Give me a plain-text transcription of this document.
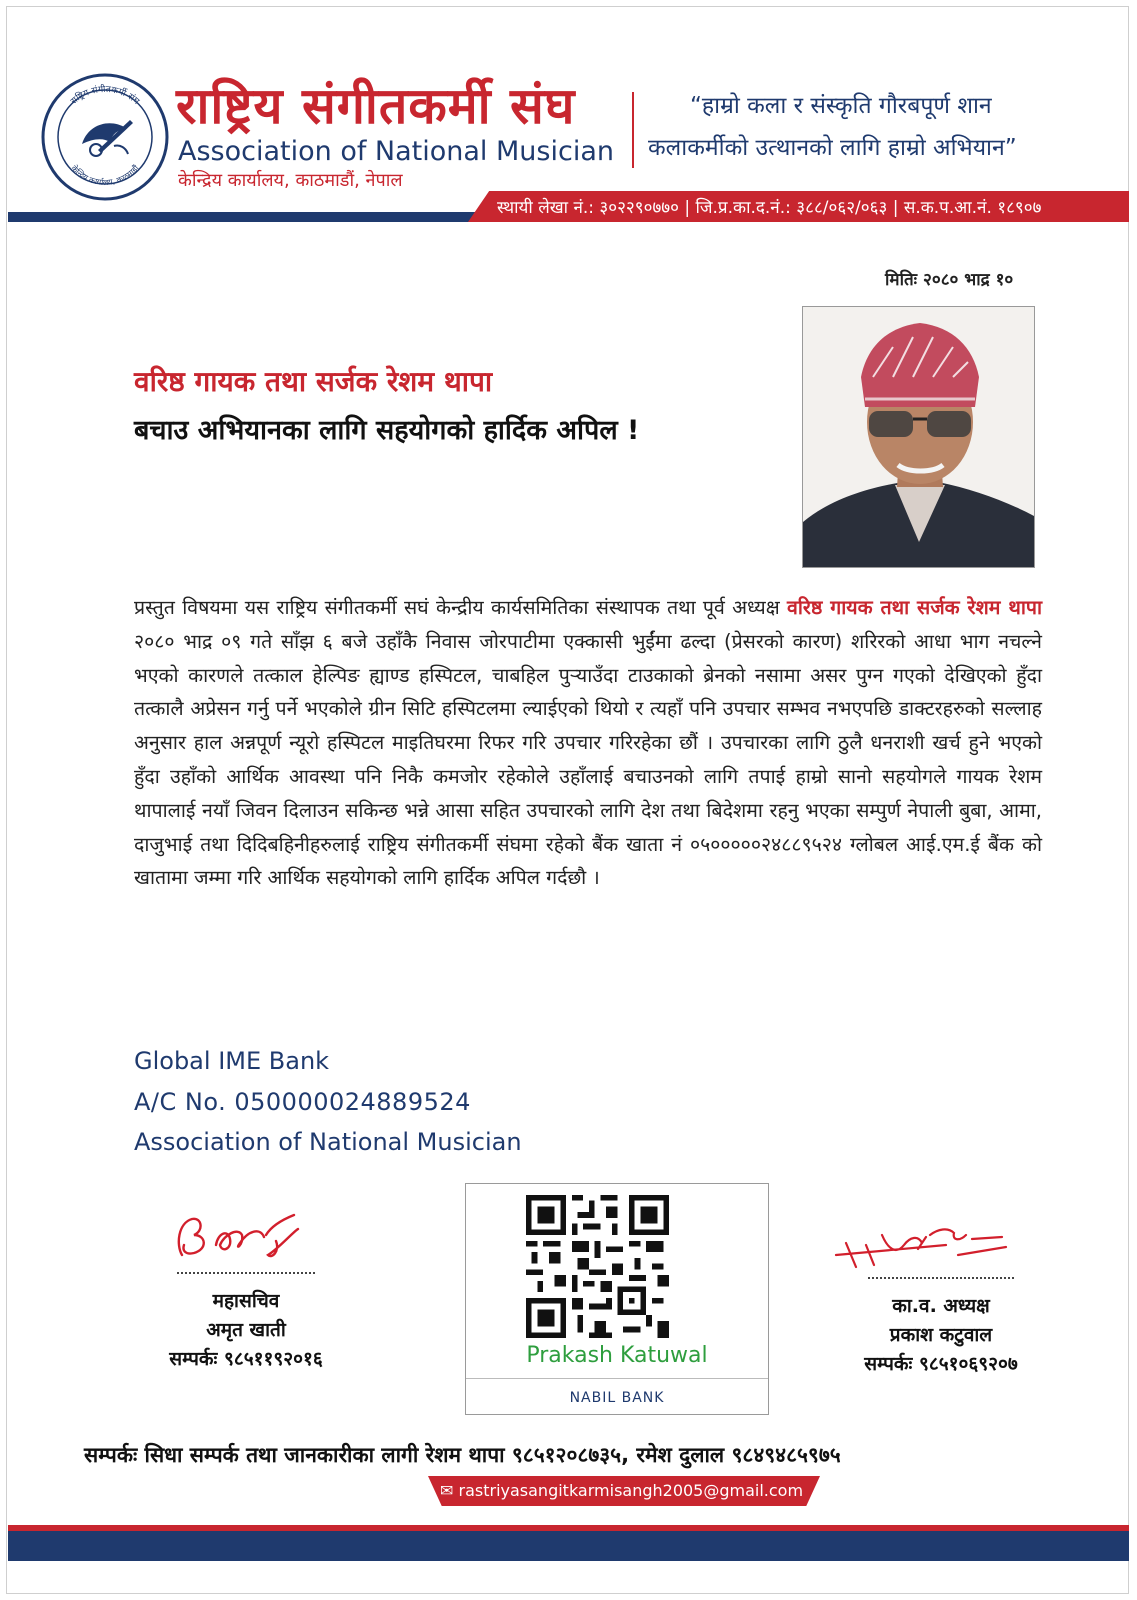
राष्ट्रिय संगीतकर्मी संघ
केन्द्रिय कार्यालय, काठमाडौं
राष्ट्रिय संगीतकर्मी संघ
Association of National Musician
केन्द्रिय कार्यालय, काठमाडौं, नेपाल
“हाम्रो कला र संस्कृति गौरबपूर्ण शान
कलाकर्मीको उत्थानको लागि हाम्रो अभियान”
स्थायी लेखा नं.: ३०२२९०७७० | जि.प्र.का.द.नं.: ३८८/०६२/०६३ | स.क.प.आ.नं. १८९०७
मितिः २०८० भाद्र १०
वरिष्ठ गायक तथा सर्जक रेशम थापा
बचाउ अभियानका लागि सहयोगको हार्दिक अपिल !
प्रस्तुत विषयमा यस राष्ट्रिय संगीतकर्मी सघं केन्द्रीय कार्यसमितिका संस्थापक तथा पूर्व अध्यक्ष वरिष्ठ गायक तथा सर्जक रेशम थापा २०८० भाद्र ०९ गते साँझ ६ बजे उहाँकै निवास जोरपाटीमा एक्कासी भुईंमा ढल्दा (प्रेसरको कारण) शरिरको आधा भाग नचल्ने भएको कारणले तत्काल हेल्पिङ ह्याण्ड हस्पिटल, चाबहिल पुऱ्याउँदा टाउकाको ब्रेनको नसामा असर पुग्न गएको देखिएको हुँदा तत्कालै अप्रेसन गर्नु पर्ने भएकोले ग्रीन सिटि हस्पिटलमा ल्याईएको थियो र त्यहाँ पनि उपचार सम्भव नभएपछि डाक्टरहरुको सल्लाह अनुसार हाल अन्नपूर्ण न्यूरो हस्पिटल माइतिघरमा रिफर गरि उपचार गरिरहेका छौं । उपचारका लागि ठुलै धनराशी खर्च हुने भएको हुँदा उहाँको आर्थिक आवस्था पनि निकै कमजोर रहेकोले उहाँलाई बचाउनको लागि तपाई हाम्रो सानो सहयोगले गायक रेशम थापालाई नयाँ जिवन दिलाउन सकिन्छ भन्ने आसा सहित उपचारको लागि देश तथा बिदेशमा रहनु भएका सम्पुर्ण नेपाली बुबा, आमा, दाजुभाई तथा दिदिबहिनीहरुलाई राष्ट्रिय संगीतकर्मी संघमा रहेको बैंक खाता नं ०५०००००२४८८९५२४ ग्लोबल आई.एम.ई बैंक को खातामा जम्मा गरि आर्थिक सहयोगको लागि हार्दिक अपिल गर्दछौ ।
Global IME Bank
A/C No. 050000024889524
Association of National Musician
महासचिव
अमृत खाती
सम्पर्कः ९८५११९२०१६	Prakash Katuwal
NABIL BANK
का.व. अध्यक्ष
प्रकाश कटुवाल
सम्पर्कः ९८५१०६९२०७
सम्पर्कः सिधा सम्पर्क तथा जानकारीका लागी रेशम थापा ९८५१२०८७३५, रमेश दुलाल ९८४९४८५९७५
✉ rastriyasangitkarmisangh2005@gmail.com
